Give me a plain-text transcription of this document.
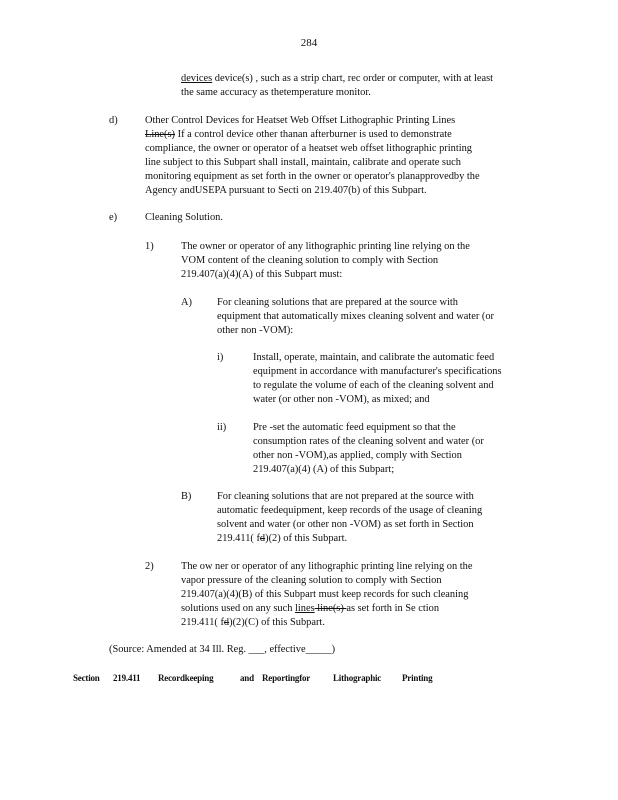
284

devices device(s) , such as a strip chart, rec order or computer, with at least

the same accuracy as thetemperature monitor.

d)	Other Control Devices for Heatset Web Offset Lithographic Printing Lines

Line(s) If a control device other thanan afterburner is used to demonstrate

compliance, the owner or operator of a heatset web offset lithographic printing

line subject to this Subpart shall install, maintain, calibrate and operate such

monitoring equipment as set forth in the owner or operator's planapprovedby the

Agency andUSEPA pursuant to Secti on 219.407(b) of this Subpart.

e)	Cleaning Solution.

1)	The owner or operator of any lithographic printing line relying on the

VOM content of the cleaning solution to comply with Section

219.407(a)(4)(A) of this Subpart must:

A) For cleaning solutions that are prepared at the source with

equipment that automatically mixes cleaning solvent and water (or

other non -VOM):

i)	Install, operate, maintain, and calibrate the automatic feed

equipment in accordance with manufacturer's specifications

to regulate the volume of each of the cleaning solvent and

water (or other non -VOM), as mixed; and

ii)	Pre -set the automatic feed equipment so that the

consumption rates of the cleaning solvent and water (or

other non -VOM),as applied, comply with Section

219.407(a)(4) (A) of this Subpart;

B) For cleaning solutions that are not prepared at the source with

automatic feedequipment, keep records of the usage of cleaning

solvent and water (or other non -VOM) as set forth in Section

219.411( fd)(2) of this Subpart.

2)	The ow ner or operator of any lithographic printing line relying on the

vapor pressure of the cleaning solution to comply with Section

219.407(a)(4)(B) of this Subpart must keep records for such cleaning

solutions used on any such lines line(s) as set forth in Se ction

219.411( fd)(2)(C) of this Subpart.

(Source: Amended at 34 Ill. Reg. ___, effective_____)

Section 219.411 Recordkeeping	and Reportingfor	Lithographic Printing
